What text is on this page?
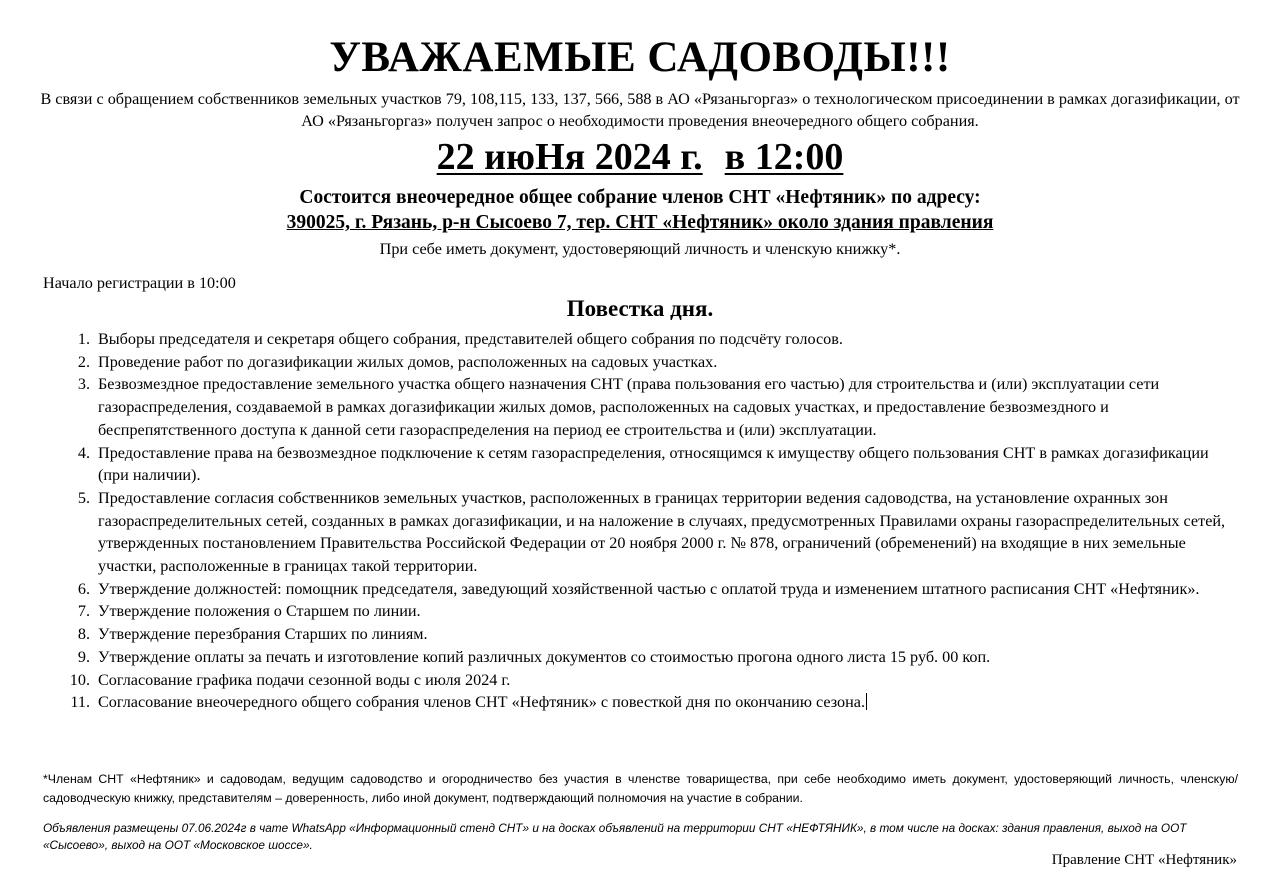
УВАЖАЕМЫЕ САДОВОДЫ!!!
В связи с обращением собственников земельных участков 79, 108,115, 133, 137, 566, 588 в АО «Рязаньгоргаз» о технологическом присоединении в рамках догазификации, от АО «Рязаньгоргаз» получен запрос о необходимости проведения внеочередного общего собрания.
22 июНя 2024 г. в 12:00
Состоится внеочередное общее собрание членов СНТ «Нефтяник» по адресу:
390025, г. Рязань, р-н Сысоево 7, тер. СНТ «Нефтяник» около здания правления
При себе иметь документ, удостоверяющий личность и членскую книжку*.
Начало регистрации в 10:00
Повестка дня.
1. Выборы председателя и секретаря общего собрания, представителей общего собрания по подсчёту голосов.
2. Проведение работ по догазификации жилых домов, расположенных на садовых участках.
3. Безвозмездное предоставление земельного участка общего назначения СНТ (права пользования его частью) для строительства и (или) эксплуатации сети газораспределения, создаваемой в рамках догазификации жилых домов, расположенных на садовых участках, и предоставление безвозмездного и беспрепятственного доступа к данной сети газораспределения на период ее строительства и (или) эксплуатации.
4. Предоставление права на безвозмездное подключение к сетям газораспределения, относящимся к имуществу общего пользования СНТ в рамках догазификации (при наличии).
5. Предоставление согласия собственников земельных участков, расположенных в границах территории ведения садоводства, на установление охранных зон газораспределительных сетей, созданных в рамках догазификации, и на наложение в случаях, предусмотренных Правилами охраны газораспределительных сетей, утвержденных постановлением Правительства Российской Федерации от 20 ноября 2000 г. № 878, ограничений (обременений) на входящие в них земельные участки, расположенные в границах такой территории.
6. Утверждение должностей: помощник председателя, заведующий хозяйственной частью с оплатой труда и изменением штатного расписания СНТ «Нефтяник».
7. Утверждение положения о Старшем по линии.
8. Утверждение перезбрания Старших по линиям.
9. Утверждение оплаты за печать и изготовление копий различных документов со стоимостью прогона одного листа 15 руб. 00 коп.
10. Согласование графика подачи сезонной воды с июля 2024 г.
11. Согласование внеочередного общего собрания членов СНТ «Нефтяник» с повесткой дня по окончанию сезона.
*Членам СНТ «Нефтяник» и садоводам, ведущим садоводство и огородничество без участия в членстве товарищества, при себе необходимо иметь документ, удостоверяющий личность, членскую/садоводческую книжку, представителям – доверенность, либо иной документ, подтверждающий полномочия на участие в собрании.
Объявления размещены 07.06.2024г в чате WhatsApp «Информационный стенд СНТ» и на досках объявлений на территории СНТ «НЕФТЯНИК», в том числе на досках: здания правления, выход на ООТ «Сысоево», выход на ООТ «Московское шоссе».
Правление СНТ «Нефтяник»
